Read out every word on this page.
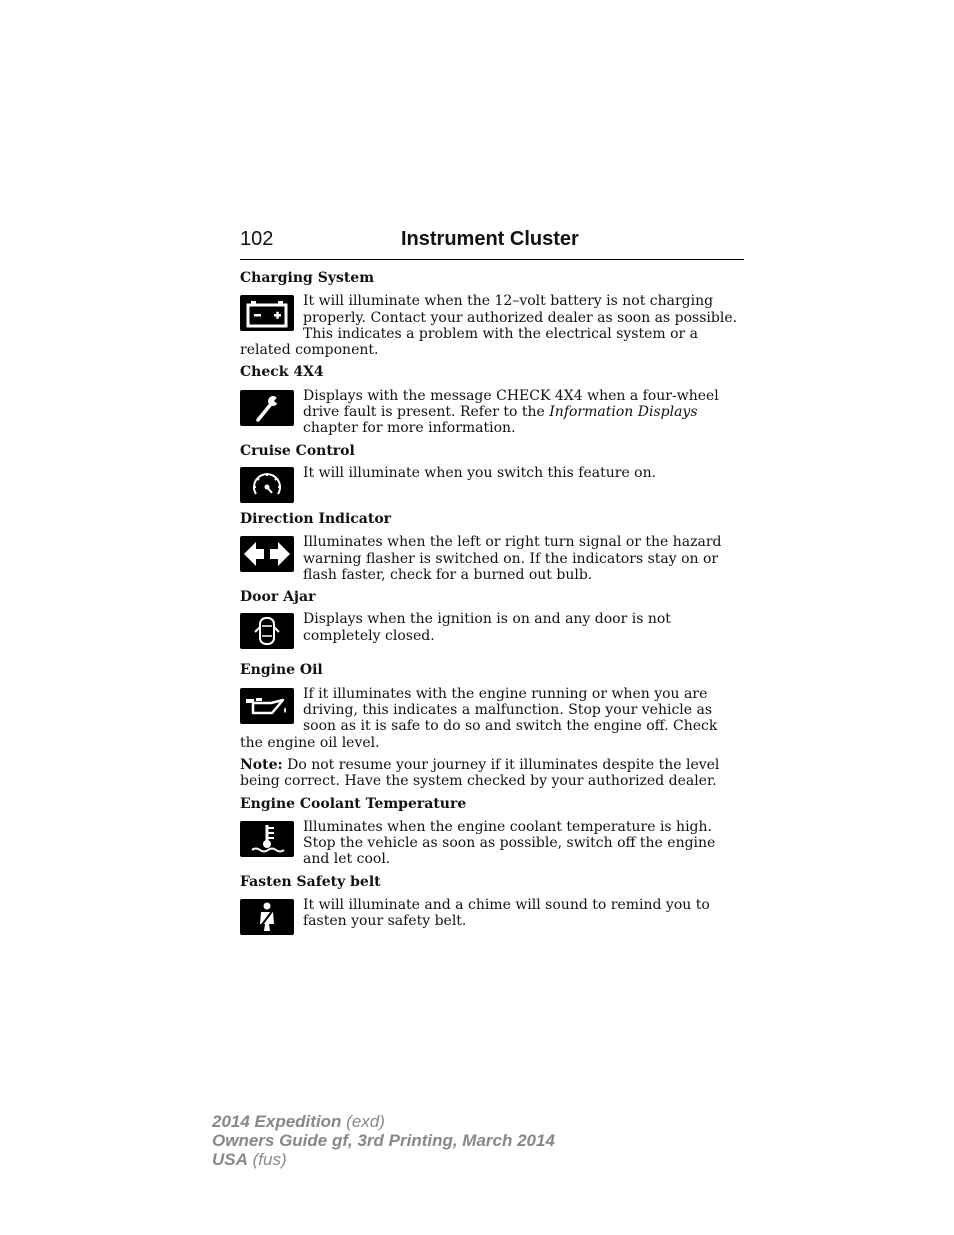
102	Instrument Cluster

Charging System

It will illuminate when the 12–volt battery is not charging properly. Contact your authorized dealer as soon as possible. This indicates a problem with the electrical system or a related component.

Check 4X4

Displays with the message CHECK 4X4 when a four-wheel drive fault is present. Refer to the Information Displays chapter for more information.

Cruise Control

It will illuminate when you switch this feature on.

Direction Indicator

Illuminates when the left or right turn signal or the hazard warning flasher is switched on. If the indicators stay on or flash faster, check for a burned out bulb.

Door Ajar

Displays when the ignition is on and any door is not completely closed.

Engine Oil

If it illuminates with the engine running or when you are driving, this indicates a malfunction. Stop your vehicle as soon as it is safe to do so and switch the engine off. Check the engine oil level.

Note: Do not resume your journey if it illuminates despite the level being correct. Have the system checked by your authorized dealer.

Engine Coolant Temperature

Illuminates when the engine coolant temperature is high. Stop the vehicle as soon as possible, switch off the engine and let cool.

Fasten Safety belt

It will illuminate and a chime will sound to remind you to fasten your safety belt.

2014 Expedition (exd)
Owners Guide gf, 3rd Printing, March 2014
USA (fus)
